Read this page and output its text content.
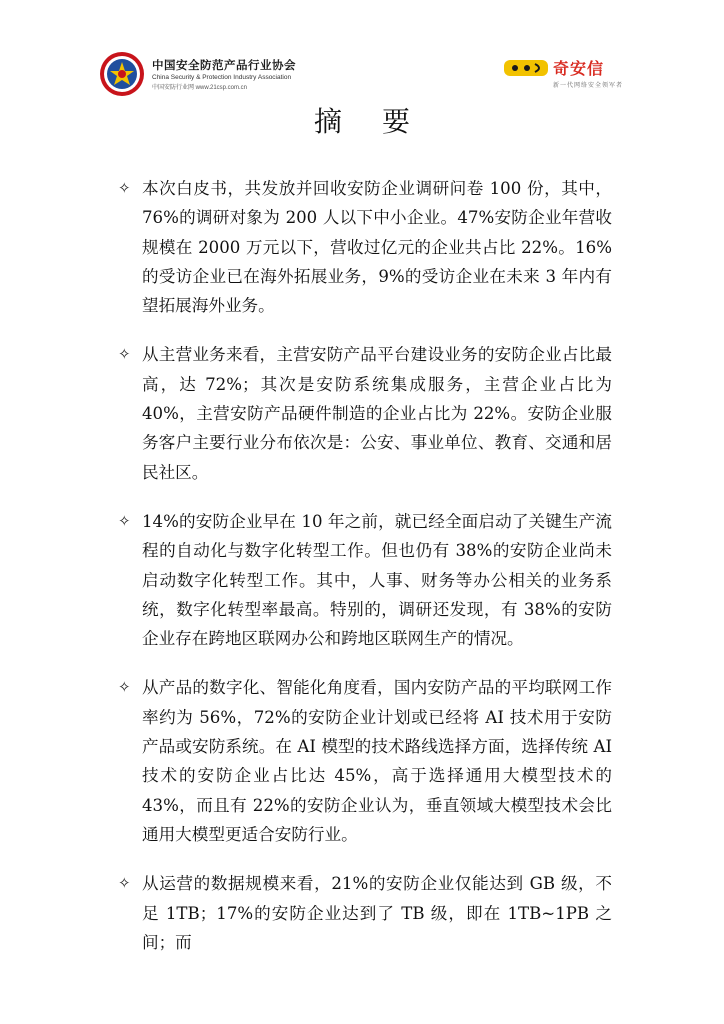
中国安全防范产品行业协会
China Security & Protection Industry Association
中国安防行业网 www.21csp.com.cn
奇安信
新一代网络安全领军者
摘要
✧ 本次白皮书，共发放并回收安防企业调研问卷 100 份，其中，76%的调研对象为 200 人以下中小企业。47%安防企业年营收规模在 2000 万元以下，营收过亿元的企业共占比 22%。16%的受访企业已在海外拓展业务，9%的受访企业在未来 3 年内有望拓展海外业务。
✧ 从主营业务来看，主营安防产品平台建设业务的安防企业占比最高，达 72%；其次是安防系统集成服务，主营企业占比为 40%，主营安防产品硬件制造的企业占比为 22%。安防企业服务客户主要行业分布依次是：公安、事业单位、教育、交通和居民社区。
✧ 14%的安防企业早在 10 年之前，就已经全面启动了关键生产流程的自动化与数字化转型工作。但也仍有 38%的安防企业尚未启动数字化转型工作。其中，人事、财务等办公相关的业务系统，数字化转型率最高。特别的，调研还发现，有 38%的安防企业存在跨地区联网办公和跨地区联网生产的情况。
✧ 从产品的数字化、智能化角度看，国内安防产品的平均联网工作率约为 56%，72%的安防企业计划或已经将 AI 技术用于安防产品或安防系统。在 AI 模型的技术路线选择方面，选择传统 AI 技术的安防企业占比达 45%，高于选择通用大模型技术的 43%，而且有 22%的安防企业认为，垂直领域大模型技术会比通用大模型更适合安防行业。
✧ 从运营的数据规模来看，21%的安防企业仅能达到 GB 级，不足 1TB；17%的安防企业达到了 TB 级，即在 1TB~1PB 之间；而
